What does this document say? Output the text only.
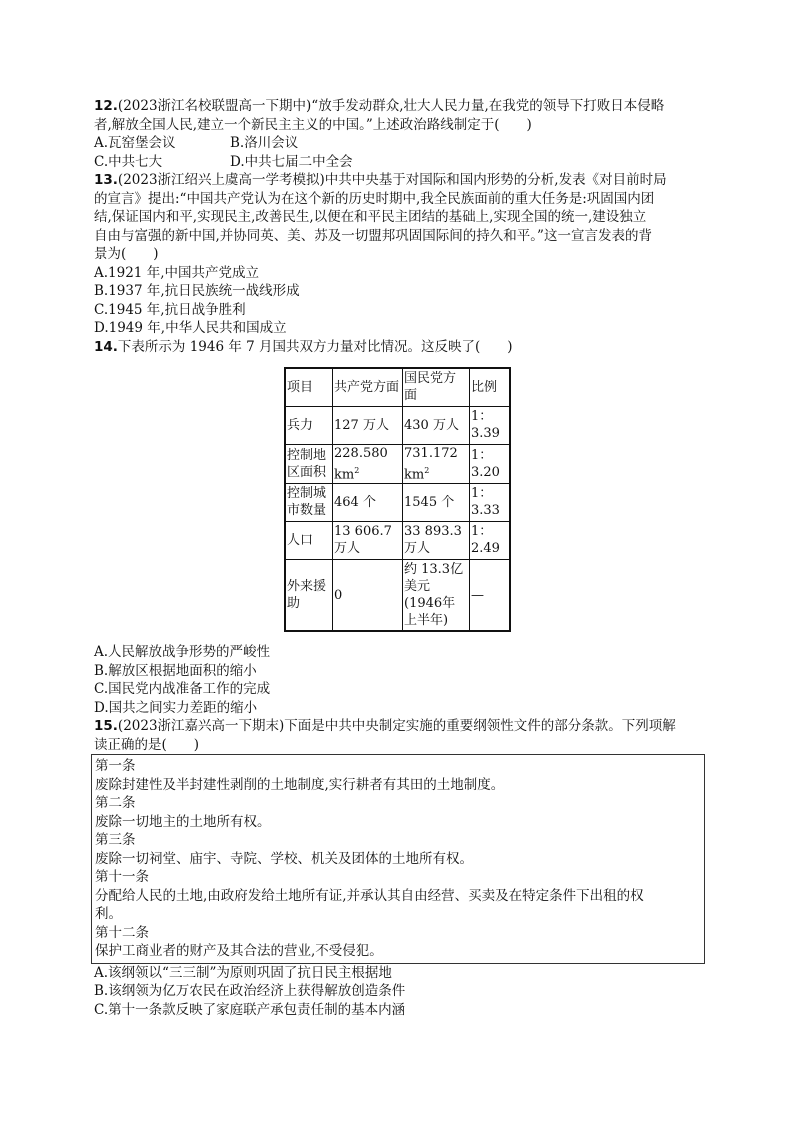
12.(2023浙江名校联盟高一下期中)“放手发动群众,壮大人民力量,在我党的领导下打败日本侵略
者,解放全国人民,建立一个新民主主义的中国。”上述政治路线制定于(　　)
A.瓦窑堡会议	B.洛川会议
C.中共七大	D.中共七届二中全会
13.(2023浙江绍兴上虞高一学考模拟)中共中央基于对国际和国内形势的分析,发表《对目前时局
的宣言》提出:“中国共产党认为在这个新的历史时期中,我全民族面前的重大任务是:巩固国内团
结,保证国内和平,实现民主,改善民生,以便在和平民主团结的基础上,实现全国的统一,建设独立
自由与富强的新中国,并协同英、美、苏及一切盟邦巩固国际间的持久和平。”这一宣言发表的背
景为(　　)
A.1921 年,中国共产党成立
B.1937 年,抗日民族统一战线形成
C.1945 年,抗日战争胜利
D.1949 年,中华人民共和国成立
14.下表所示为 1946 年 7 月国共双方力量对比情况。这反映了(　　)
项目	共产党方面	国民党方面	比例
兵力	127 万人	430 万人	1：3.39
控制地区面积	228.580 $km^2$	731.172 $km^2$	1：3.20
控制城市数量	464 个	1545 个	1：3.33
人口	13 606.7 万人	33 893.3 万人	1：2.49
外来援助	0	约 13.3亿美元(1946年上半年)	—
A.人民解放战争形势的严峻性
B.解放区根据地面积的缩小
C.国民党内战准备工作的完成
D.国共之间实力差距的缩小
15.(2023浙江嘉兴高一下期末)下面是中共中央制定实施的重要纲领性文件的部分条款。下列项解
读正确的是(　　)
第一条
废除封建性及半封建性剥削的土地制度,实行耕者有其田的土地制度。
第二条
废除一切地主的土地所有权。
第三条
废除一切祠堂、庙宇、寺院、学校、机关及团体的土地所有权。
第十一条
分配给人民的土地,由政府发给土地所有证,并承认其自由经营、买卖及在特定条件下出租的权
利。
第十二条
保护工商业者的财产及其合法的营业,不受侵犯。
A.该纲领以“三三制”为原则巩固了抗日民主根据地
B.该纲领为亿万农民在政治经济上获得解放创造条件
C.第十一条款反映了家庭联产承包责任制的基本内涵
